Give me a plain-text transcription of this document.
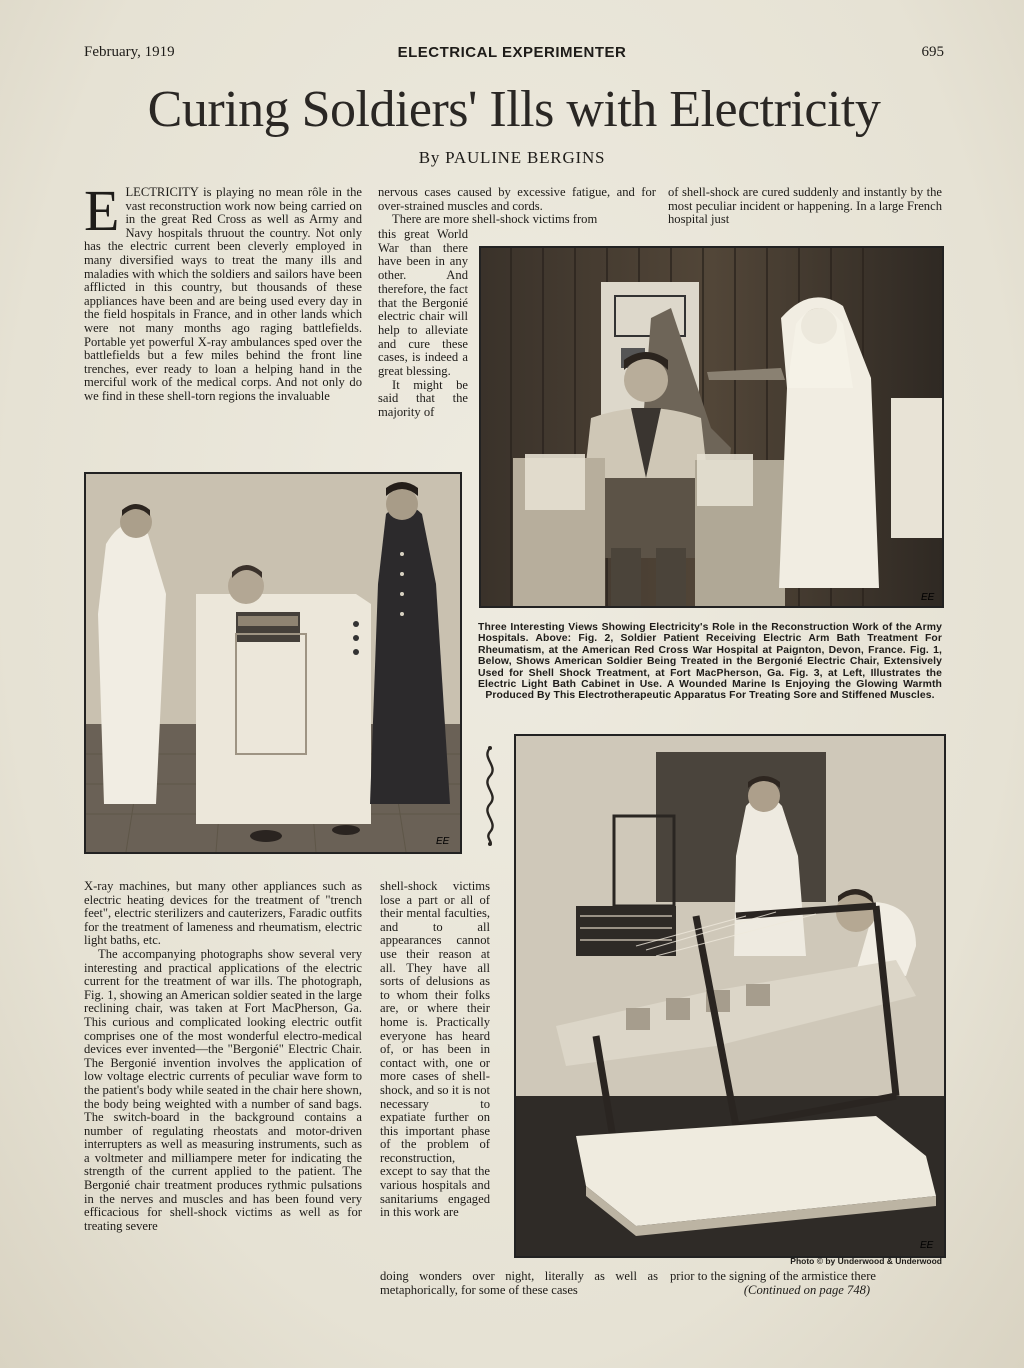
February, 1919	ELECTRICAL EXPERIMENTER	695
Curing Soldiers' Ills with Electricity
By PAULINE BERGINS

ELECTRICITY is playing no mean rôle in the vast reconstruction work now being carried on in the great Red Cross as well as Army and Navy hospitals thruout the country. Not only has the electric current been cleverly employed in many diversified ways to treat the many ills and maladies with which the soldiers and sailors have been afflicted in this country, but thousands of these appliances have been and are being used every day in the field hospitals in France, and in other lands which were not many months ago raging battlefields. Portable yet powerful X-ray ambulances sped over the battlefields but a few miles behind the front line trenches, ever ready to loan a helping hand in the merciful work of the medical corps. And not only do we find in these shell-torn regions the invaluable

nervous cases caused by excessive fatigue, and for over-strained muscles and cords.

There are more shell-shock victims from

this great World War than there have been in any other. And therefore, the fact that the Bergonié electric chair will help to alleviate and cure these cases, is indeed a great blessing.

It might be said that the majority of

of shell-shock are cured suddenly and instantly by the most peculiar incident or happening. In a large French hospital just

EE
EE
Three Interesting Views Showing Electricity's Role in the Reconstruction Work of the Army Hospitals. Above: Fig. 2, Soldier Patient Receiving Electric Arm Bath Treatment For Rheumatism, at the American Red Cross War Hospital at Paignton, Devon, France. Fig. 1, Below, Shows American Soldier Being Treated in the Bergonié Electric Chair, Extensively Used for Shell Shock Treatment, at Fort MacPherson, Ga. Fig. 3, at Left, Illustrates the Electric Light Bath Cabinet in Use. A Wounded Marine Is Enjoying the Glowing Warmth Produced By This Electrotherapeutic Apparatus For Treating Sore and Stiffened Muscles.
EE
Photo © by Underwood & Underwood

X-ray machines, but many other appliances such as electric heating devices for the treatment of "trench feet", electric sterilizers and cauterizers, Faradic outfits for the treatment of lameness and rheumatism, electric light baths, etc.

The accompanying photographs show several very interesting and practical applications of the electric current for the treatment of war ills. The photograph, Fig. 1, showing an American soldier seated in the large reclining chair, was taken at Fort MacPherson, Ga. This curious and complicated looking electric outfit comprises one of the most wonderful electro-medical devices ever invented—the "Bergonié" Electric Chair. The Bergonié invention involves the application of low voltage electric currents of peculiar wave form to the patient's body while seated in the chair here shown, the body being weighted with a number of sand bags. The switch-board in the background contains a number of regulating rheostats and motor-driven interrupters as well as measuring instruments, such as a voltmeter and milliampere meter for indicating the strength of the current applied to the patient. The Bergonié chair treatment produces rythmic pulsations in the nerves and muscles and has been found very efficacious for shell-shock victims as well as for treating severe

shell-shock victims lose a part or all of their mental faculties, and to all appearances cannot use their reason at all. They have all sorts of delusions as to whom their folks are, or where their home is. Practically everyone has heard of, or has been in contact with, one or more cases of shell-shock, and so it is not necessary to expatiate further on this important phase of the problem of reconstruction, except to say that the various hospitals and sanitariums engaged in this work are

doing wonders over night, literally as well as metaphorically, for some of these cases

prior to the signing of the armistice there

(Continued on page 748)
